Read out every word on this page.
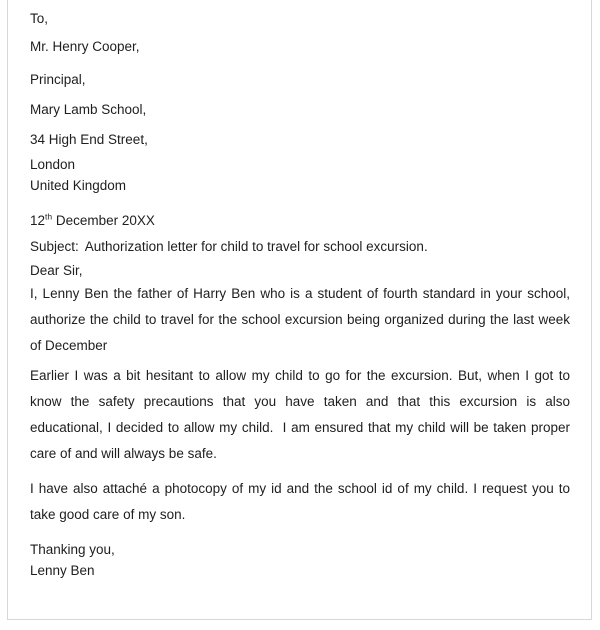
To,

Mr. Henry Cooper,

Principal,

Mary Lamb School,

34 High End Street,

London

United Kingdom

12th December 20XX

Subject: Authorization letter for child to travel for school excursion.

Dear Sir,

I, Lenny Ben the father of Harry Ben who is a student of fourth standard in your school, authorize the child to travel for the school excursion being organized during the last week of December

Earlier I was a bit hesitant to allow my child to go for the excursion. But, when I got to know the safety precautions that you have taken and that this excursion is also educational, I decided to allow my child.  I am ensured that my child will be taken proper care of and will always be safe.

I have also attaché a photocopy of my id and the school id of my child. I request you to take good care of my son.

Thanking you,

Lenny Ben
